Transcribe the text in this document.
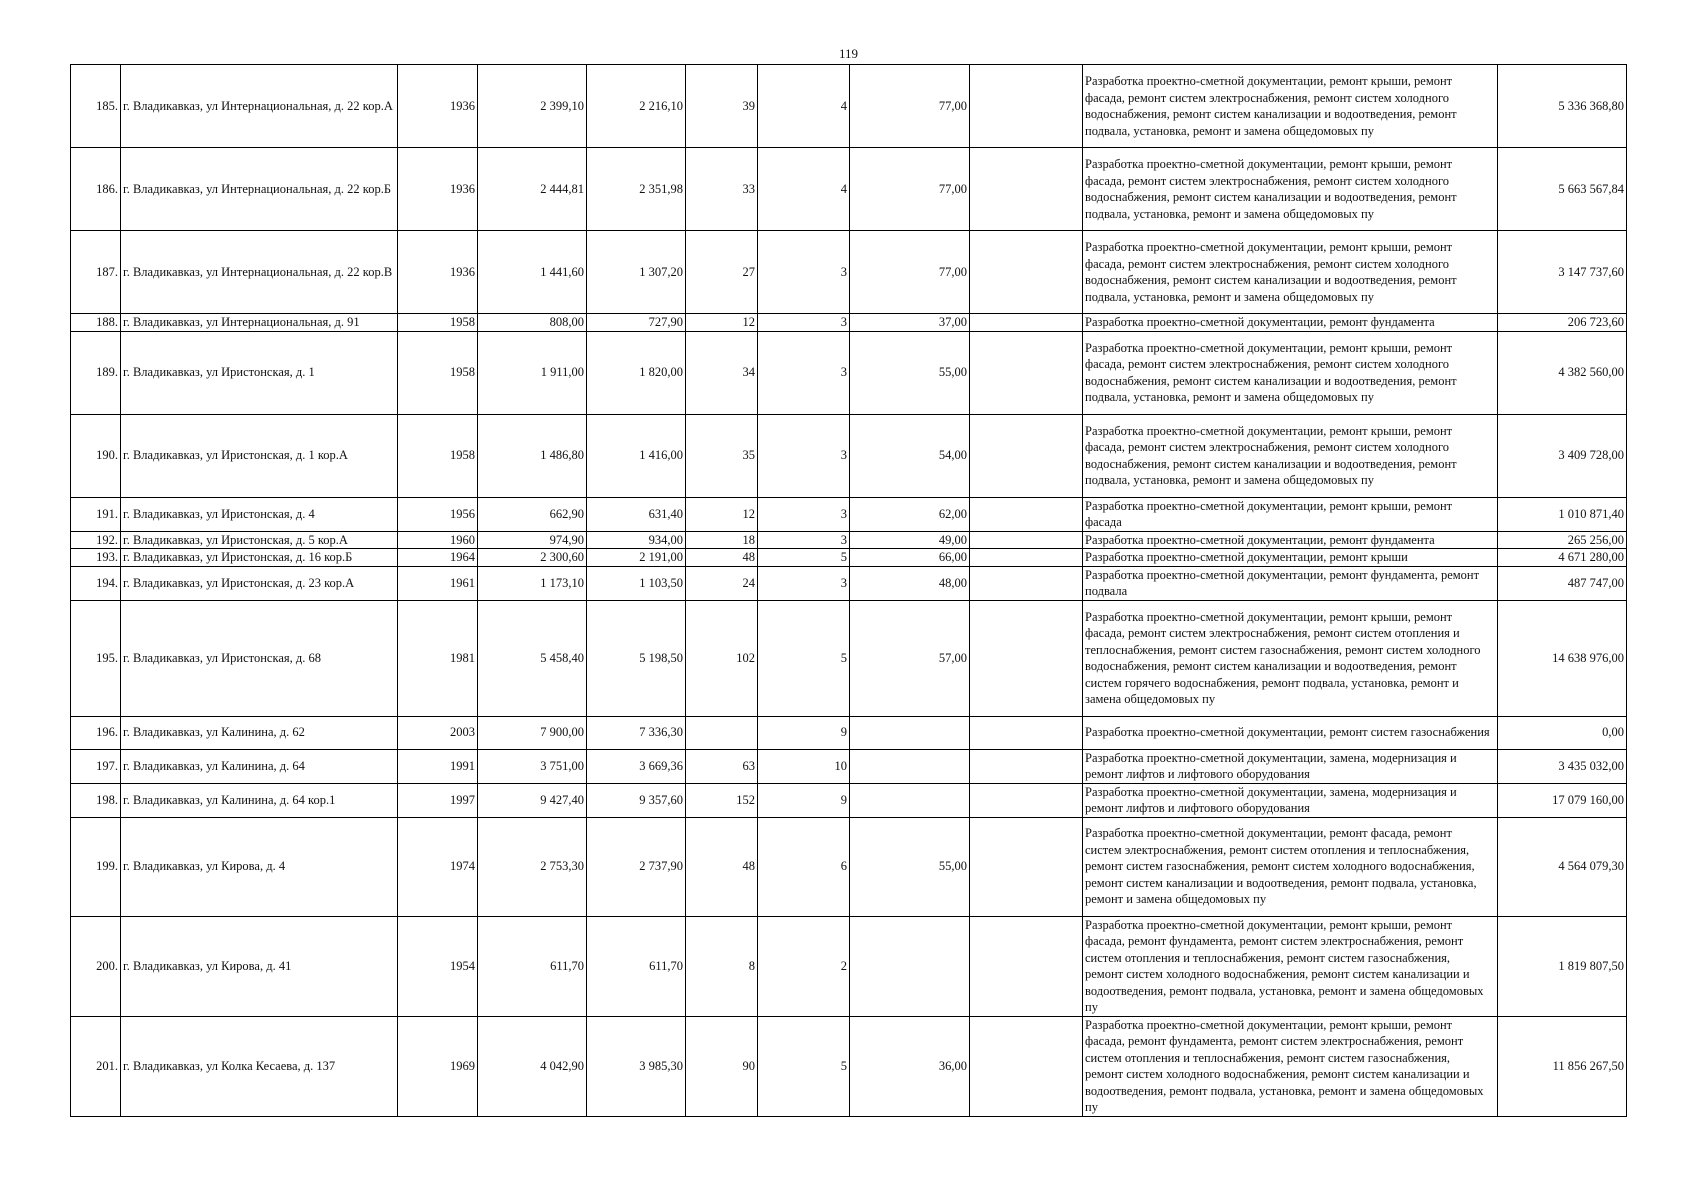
119
185.	г. Владикавказ, ул Интернациональная, д. 22 кор.А	1936	2 399,10	2 216,10	39	4	77,00		Разработка проектно-сметной документации, ремонт крыши, ремонт фасада, ремонт систем электроснабжения, ремонт систем холодного водоснабжения, ремонт систем канализации и водоотведения, ремонт подвала, установка, ремонт и замена общедомовых пу	5 336 368,80
186.	г. Владикавказ, ул Интернациональная, д. 22 кор.Б	1936	2 444,81	2 351,98	33	4	77,00		Разработка проектно-сметной документации, ремонт крыши, ремонт фасада, ремонт систем электроснабжения, ремонт систем холодного водоснабжения, ремонт систем канализации и водоотведения, ремонт подвала, установка, ремонт и замена общедомовых пу	5 663 567,84
187.	г. Владикавказ, ул Интернациональная, д. 22 кор.В	1936	1 441,60	1 307,20	27	3	77,00		Разработка проектно-сметной документации, ремонт крыши, ремонт фасада, ремонт систем электроснабжения, ремонт систем холодного водоснабжения, ремонт систем канализации и водоотведения, ремонт подвала, установка, ремонт и замена общедомовых пу	3 147 737,60
188.	г. Владикавказ, ул Интернациональная, д. 91	1958	808,00	727,90	12	3	37,00		Разработка проектно-сметной документации, ремонт фундамента	206 723,60
189.	г. Владикавказ, ул Иристонская, д. 1	1958	1 911,00	1 820,00	34	3	55,00		Разработка проектно-сметной документации, ремонт крыши, ремонт фасада, ремонт систем электроснабжения, ремонт систем холодного водоснабжения, ремонт систем канализации и водоотведения, ремонт подвала, установка, ремонт и замена общедомовых пу	4 382 560,00
190.	г. Владикавказ, ул Иристонская, д. 1 кор.А	1958	1 486,80	1 416,00	35	3	54,00		Разработка проектно-сметной документации, ремонт крыши, ремонт фасада, ремонт систем электроснабжения, ремонт систем холодного водоснабжения, ремонт систем канализации и водоотведения, ремонт подвала, установка, ремонт и замена общедомовых пу	3 409 728,00
191.	г. Владикавказ, ул Иристонская, д. 4	1956	662,90	631,40	12	3	62,00		Разработка проектно-сметной документации, ремонт крыши, ремонт фасада	1 010 871,40
192.	г. Владикавказ, ул Иристонская, д. 5 кор.А	1960	974,90	934,00	18	3	49,00		Разработка проектно-сметной документации, ремонт фундамента	265 256,00
193.	г. Владикавказ, ул Иристонская, д. 16 кор.Б	1964	2 300,60	2 191,00	48	5	66,00		Разработка проектно-сметной документации, ремонт крыши	4 671 280,00
194.	г. Владикавказ, ул Иристонская, д. 23 кор.А	1961	1 173,10	1 103,50	24	3	48,00		Разработка проектно-сметной документации, ремонт фундамента, ремонт подвала	487 747,00
195.	г. Владикавказ, ул Иристонская, д. 68	1981	5 458,40	5 198,50	102	5	57,00		Разработка проектно-сметной документации, ремонт крыши, ремонт фасада, ремонт систем электроснабжения, ремонт систем отопления и теплоснабжения, ремонт систем газоснабжения, ремонт систем холодного водоснабжения, ремонт систем канализации и водоотведения, ремонт систем горячего водоснабжения, ремонт подвала, установка, ремонт и замена общедомовых пу	14 638 976,00
196.	г. Владикавказ, ул Калинина, д. 62	2003	7 900,00	7 336,30		9			Разработка проектно-сметной документации, ремонт систем газоснабжения	0,00
197.	г. Владикавказ, ул Калинина, д. 64	1991	3 751,00	3 669,36	63	10			Разработка проектно-сметной документации, замена, модернизация и ремонт лифтов и лифтового оборудования	3 435 032,00
198.	г. Владикавказ, ул Калинина, д. 64 кор.1	1997	9 427,40	9 357,60	152	9			Разработка проектно-сметной документации, замена, модернизация и ремонт лифтов и лифтового оборудования	17 079 160,00
199.	г. Владикавказ, ул Кирова, д. 4	1974	2 753,30	2 737,90	48	6	55,00		Разработка проектно-сметной документации, ремонт фасада, ремонт систем электроснабжения, ремонт систем отопления и теплоснабжения, ремонт систем газоснабжения, ремонт систем холодного водоснабжения, ремонт систем канализации и водоотведения, ремонт подвала, установка, ремонт и замена общедомовых пу	4 564 079,30
200.	г. Владикавказ, ул Кирова, д. 41	1954	611,70	611,70	8	2			Разработка проектно-сметной документации, ремонт крыши, ремонт фасада, ремонт фундамента, ремонт систем электроснабжения, ремонт систем отопления и теплоснабжения, ремонт систем газоснабжения, ремонт систем холодного водоснабжения, ремонт систем канализации и водоотведения, ремонт подвала, установка, ремонт и замена общедомовых пу	1 819 807,50
201.	г. Владикавказ, ул Колка Кесаева, д. 137	1969	4 042,90	3 985,30	90	5	36,00		Разработка проектно-сметной документации, ремонт крыши, ремонт фасада, ремонт фундамента, ремонт систем электроснабжения, ремонт систем отопления и теплоснабжения, ремонт систем газоснабжения, ремонт систем холодного водоснабжения, ремонт систем канализации и водоотведения, ремонт подвала, установка, ремонт и замена общедомовых пу	11 856 267,50
